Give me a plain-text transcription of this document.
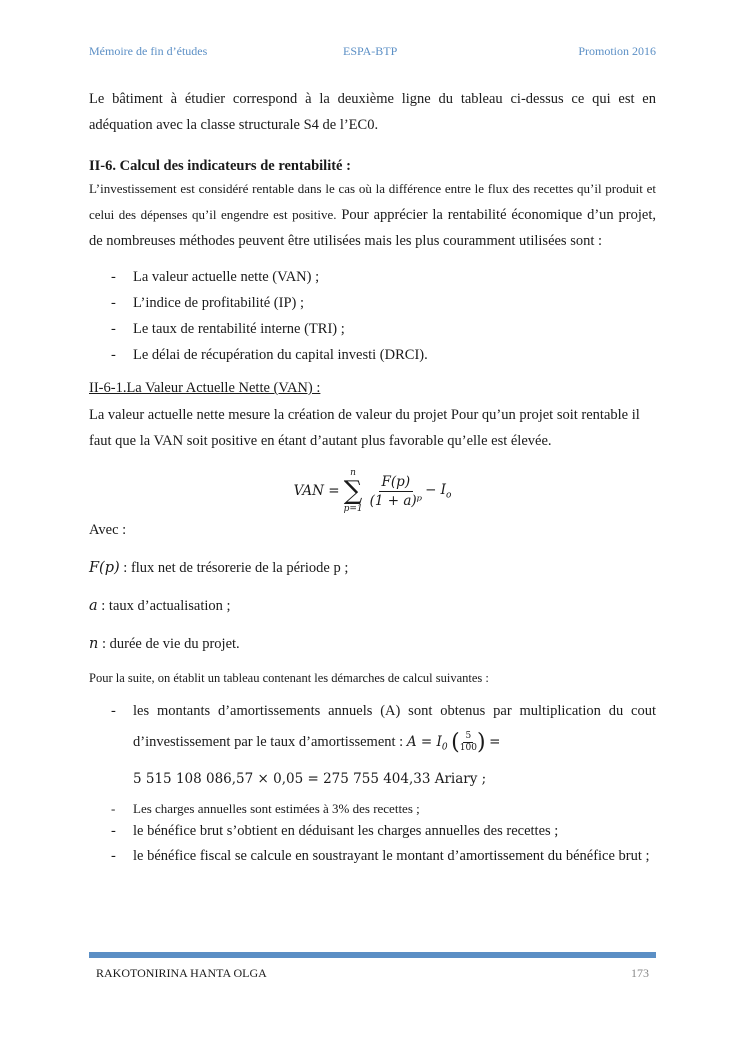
Mémoire de fin d’études	ESPA-BTP	Promotion 2016

Le bâtiment à étudier correspond à la deuxième ligne du tableau ci-dessus ce qui est en adéquation avec la classe structurale S4 de l’EC0.

II-6. Calcul des indicateurs de rentabilité :

L’investissement est considéré rentable dans le cas où la différence entre le flux des recettes qu’il produit et celui des dépenses qu’il engendre est positive. Pour apprécier la rentabilité économique d’un projet, de nombreuses méthodes peuvent être utilisées mais les plus couramment utilisées sont :

- La valeur actuelle nette (VAN) ;
- L’indice de profitabilité (IP) ;
- Le taux de rentabilité interne (TRI) ;
- Le délai de récupération du capital investi (DRCI).

II-6-1.La Valeur Actuelle Nette (VAN) :

La valeur actuelle nette mesure la création de valeur du projet Pour qu’un projet soit rentable il faut que la VAN soit positive en étant d’autant plus favorable qu’elle est élevée.

VAN =
n
∑
p=1
$\frac{F(p)}{\text{(1 + a)ᵖ}} - I_o$

Avec :

F(p) : flux net de trésorerie de la période p ;

a : taux d’actualisation ;

n : durée de vie du projet.

Pour la suite, on établit un tableau contenant les démarches de calcul suivantes :

- les montants d’amortissements annuels (A) sont obtenus par multiplication du cout d’investissement par le taux d’amortissement : $A = I_0$ ( 5
100 ) =
5 515 108 086,57 × 0,05 = 275 755 404,33 Ariary ;
- Les charges annuelles sont estimées à 3% des recettes ;
- le bénéfice brut s’obtient en déduisant les charges annuelles des recettes ;
- le bénéfice fiscal se calcule en soustrayant le montant d’amortissement du bénéfice brut ;
RAKOTONIRINA HANTA OLGA	173
